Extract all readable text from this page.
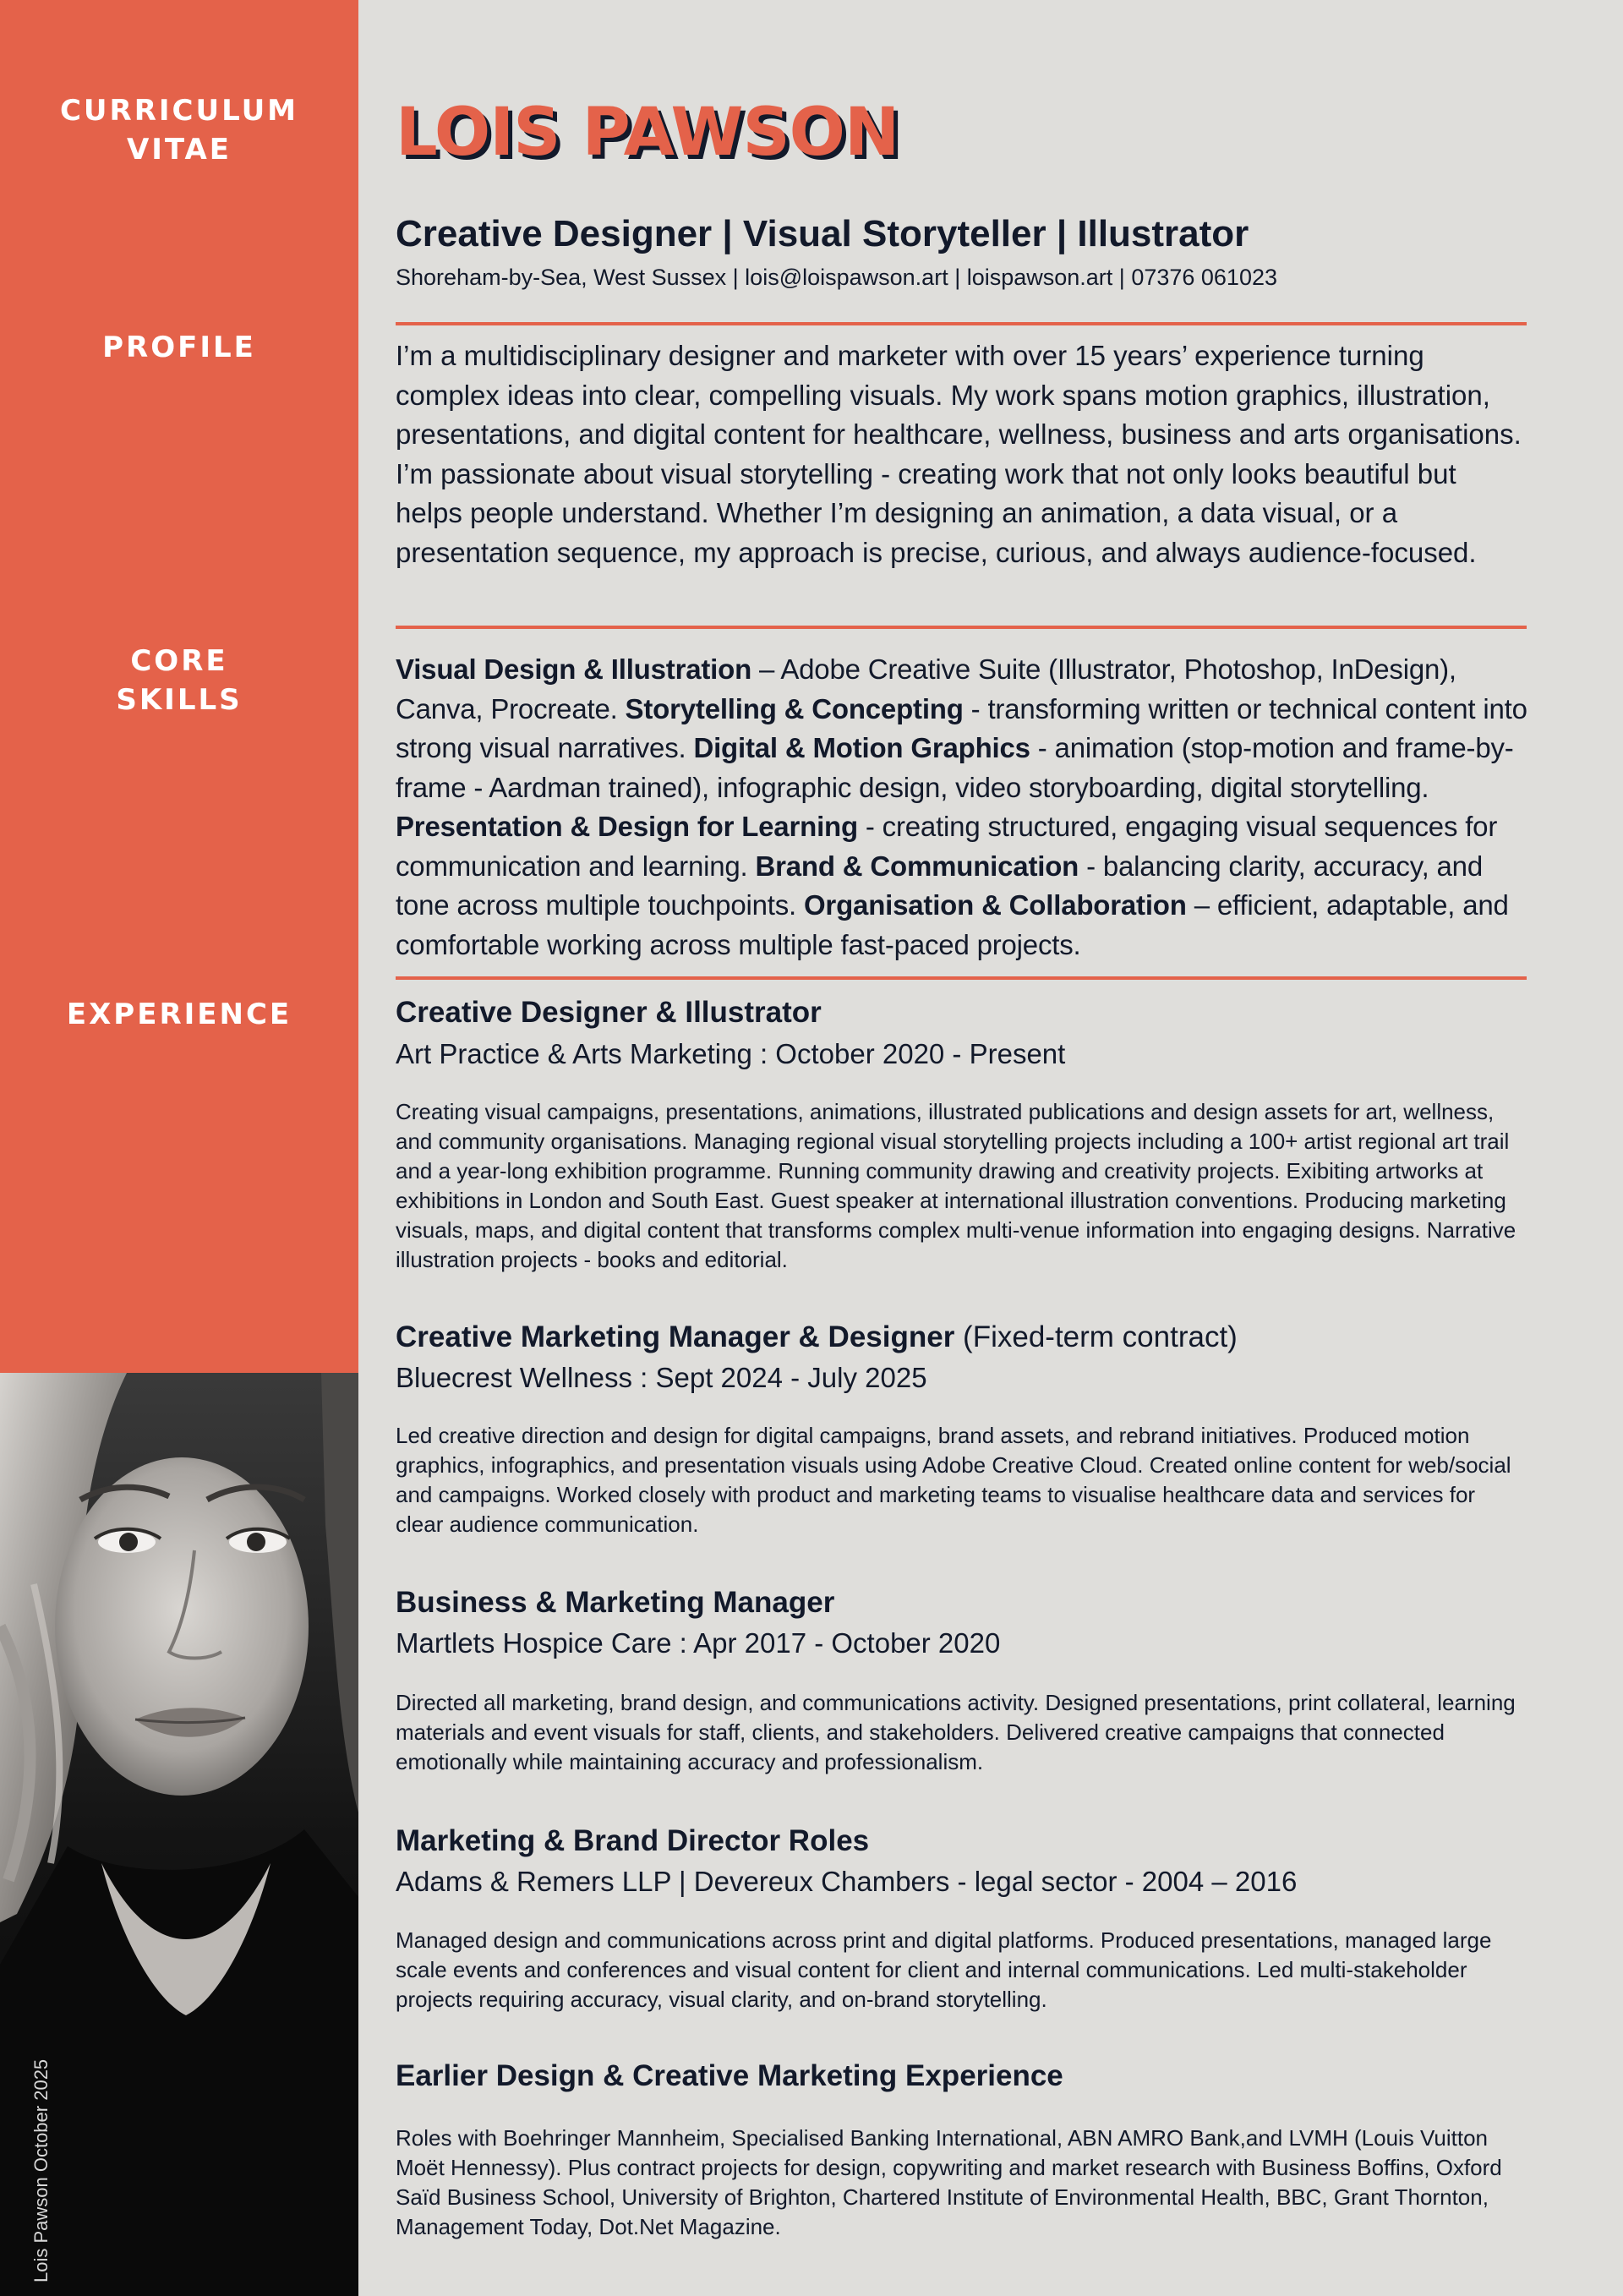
CURRICULUM
VITAE
PROFILE
CORE
SKILLS
EXPERIENCE
Lois Pawson October 2025
LOIS PAWSON
Creative Designer | Visual Storyteller | Illustrator
Shoreham-by-Sea, West Sussex | lois@loispawson.art | loispawson.art | 07376 061023
I’m a multidisciplinary designer and marketer with over 15 years’ experience turning complex ideas into clear, compelling visuals. My work spans motion graphics, illustration, presentations, and digital content for healthcare, wellness, business and arts organisations. I’m passionate about visual storytelling - creating work that not only looks beautiful but helps people understand. Whether I’m designing an animation, a data visual, or a presentation sequence, my approach is precise, curious, and always audience-focused.
Visual Design & Illustration – Adobe Creative Suite (Illustrator, Photoshop, InDesign), Canva, Procreate. Storytelling & Concepting - transforming written or technical content into strong visual narratives. Digital & Motion Graphics - animation (stop-motion and frame-by-frame - Aardman trained), infographic design, video storyboarding, digital storytelling. Presentation & Design for Learning - creating structured, engaging visual sequences for communication and learning. Brand & Communication - balancing clarity, accuracy, and tone across multiple touchpoints. Organisation & Collaboration – efficient, adaptable, and comfortable working across multiple fast-paced projects.
Creative Designer & Illustrator
Art Practice & Arts Marketing : October 2020 - Present
Creating visual campaigns, presentations, animations, illustrated publications and design assets for art, wellness, and community organisations. Managing regional visual storytelling projects including a 100+ artist regional art trail and a year-long exhibition programme. Running community drawing and creativity projects. Exibiting artworks at exhibitions in London and South East. Guest speaker at international illustration conventions. Producing marketing visuals, maps, and digital content that transforms complex multi-venue information into engaging designs. Narrative illustration projects - books and editorial.
Creative Marketing Manager & Designer (Fixed-term contract)
Bluecrest Wellness : Sept 2024 - July 2025
Led creative direction and design for digital campaigns, brand assets, and rebrand initiatives. Produced motion graphics, infographics, and presentation visuals using Adobe Creative Cloud. Created online content for web/social and campaigns. Worked closely with product and marketing teams to visualise healthcare data and services for clear audience communication.
Business & Marketing Manager
Martlets Hospice Care : Apr 2017 - October 2020
Directed all marketing, brand design, and communications activity. Designed presentations, print collateral, learning materials and event visuals for staff, clients, and stakeholders. Delivered creative campaigns that connected emotionally while maintaining accuracy and professionalism.
Marketing & Brand Director Roles
Adams & Remers LLP | Devereux Chambers - legal sector - 2004 – 2016
Managed design and communications across print and digital platforms. Produced presentations, managed large scale events and conferences and visual content for client and internal communications. Led multi-stakeholder projects requiring accuracy, visual clarity, and on-brand storytelling.
Earlier Design & Creative Marketing Experience
Roles with Boehringer Mannheim, Specialised Banking International, ABN AMRO Bank,and LVMH (Louis Vuitton Moët Hennessy). Plus contract projects for design, copywriting and market research with Business Boffins, Oxford Saïd Business School, University of Brighton, Chartered Institute of Environmental Health, BBC, Grant Thornton, Management Today, Dot.Net Magazine.
